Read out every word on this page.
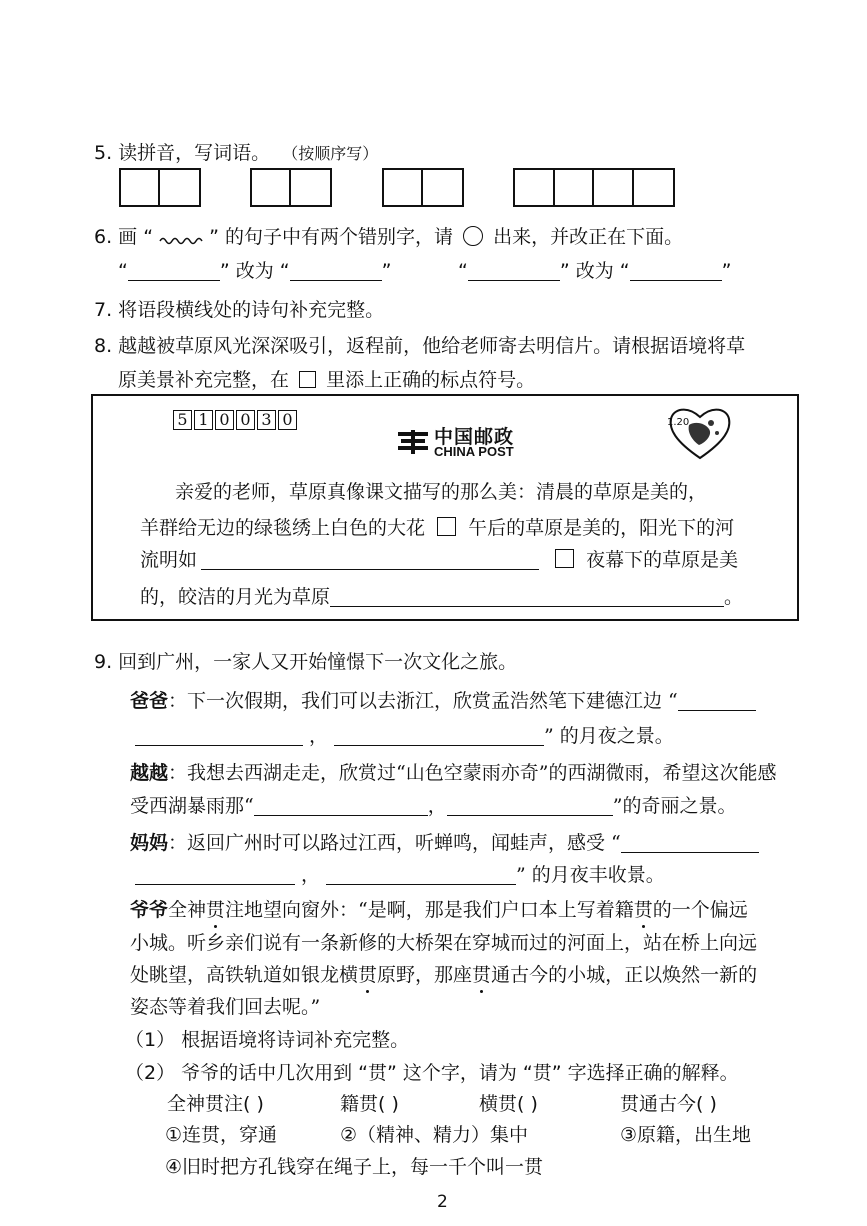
5. 读拼音，写词语。 （按顺序写）
6. 画 “	” 的句子中有两个错别字，请 出来，并改正在下面。
“	” 改为 “	”	“	” 改为 “	”
7. 将语段横线处的诗句补充完整。
8. 越越被草原风光深深吸引，返程前，他给老师寄去明信片。请根据语境将草
原美景补充完整，在 里添上正确的标点符号。
5 1 0 0 3 0
中国邮政
CHINA POST
1.20
亲爱的老师，草原真像课文描写的那么美：清晨的草原是美的，
羊群给无边的绿毯绣上白色的大花 午后的草原是美的，阳光下的河
流明如	夜幕下的草原是美
的，皎洁的月光为草原	。
9. 回到广州，一家人又开始憧憬下一次文化之旅。
爸爸：下一次假期，我们可以去浙江，欣赏孟浩然笔下建德江边 “
，	” 的月夜之景。
越越：我想去西湖走走，欣赏过“山色空蒙雨亦奇”的西湖微雨，希望这次能感
受西湖暴雨那“	，	”的奇丽之景。
妈妈：返回广州时可以路过江西，听蝉鸣，闻蛙声，感受 “
，	” 的月夜丰收景。
爷爷全神贯注地望向窗外：“是啊，那是我们户口本上写着籍贯的一个偏远
小城。听乡亲们说有一条新修的大桥架在穿城而过的河面上，站在桥上向远
处眺望，高铁轨道如银龙横贯原野，那座贯通古今的小城，正以焕然一新的
姿态等着我们回去呢。”
（1） 根据语境将诗词补充完整。
（2） 爷爷的话中几次用到 “贯” 这个字，请为 “贯” 字选择正确的解释。
全神贯注( )	籍贯( )	横贯( )	贯通古今( )
①连贯，穿通	②（精神、精力）集中	③原籍，出生地
④旧时把方孔钱穿在绳子上，每一千个叫一贯
2
